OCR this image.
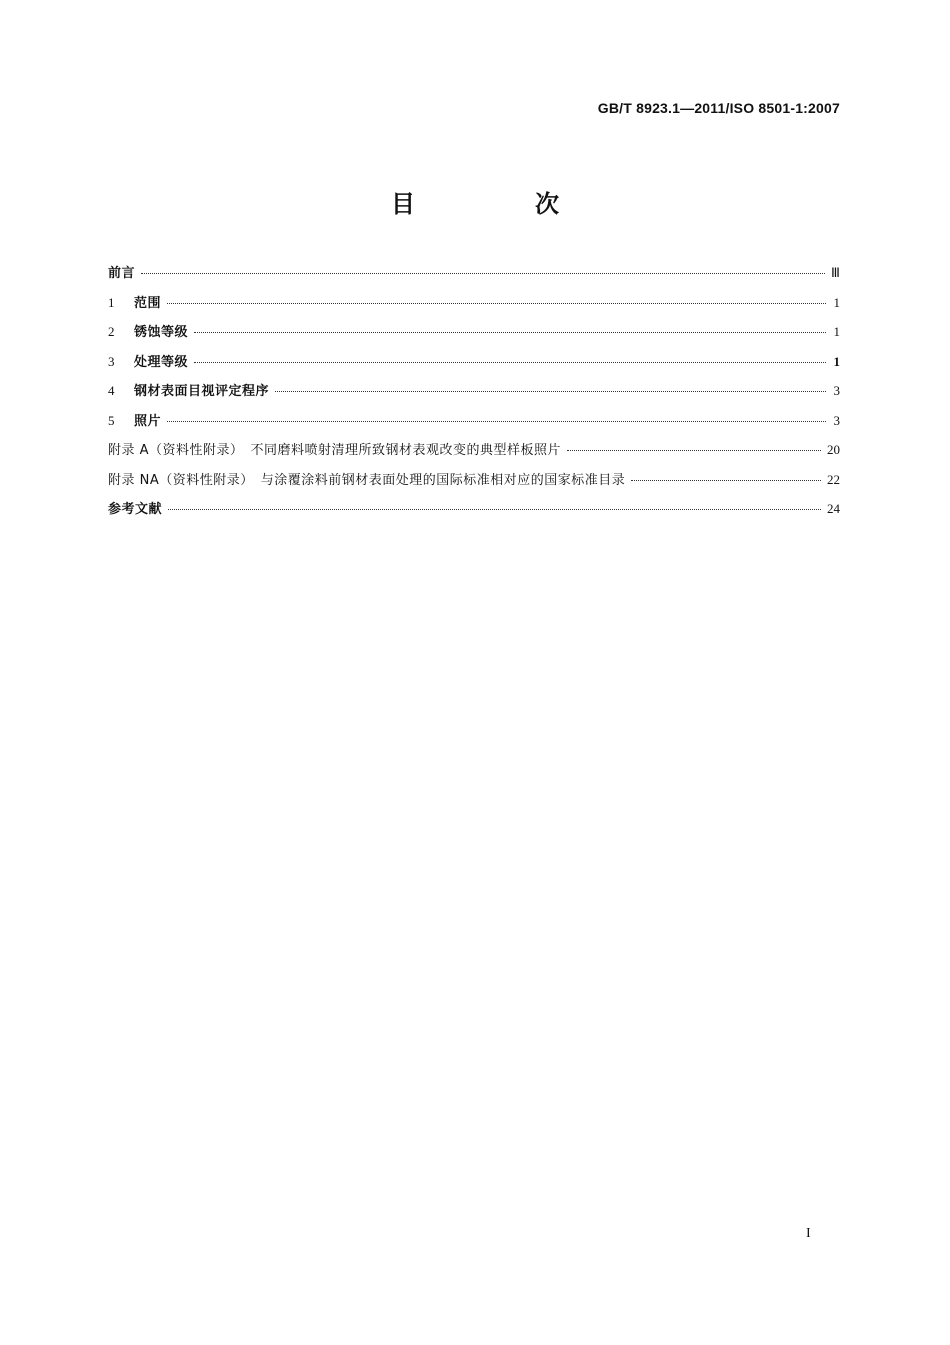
GB/T 8923.1—2011/ISO 8501-1:2007
目　次
前言	Ⅲ
1	范围	1
2	锈蚀等级	1
3	处理等级	1
4	钢材表面目视评定程序	3
5	照片	3
附录 A（资料性附录）　不同磨料喷射清理所致钢材表观改变的典型样板照片	20
附录 NA（资料性附录）　与涂覆涂料前钢材表面处理的国际标准相对应的国家标准目录	22
参考文献	24
I
